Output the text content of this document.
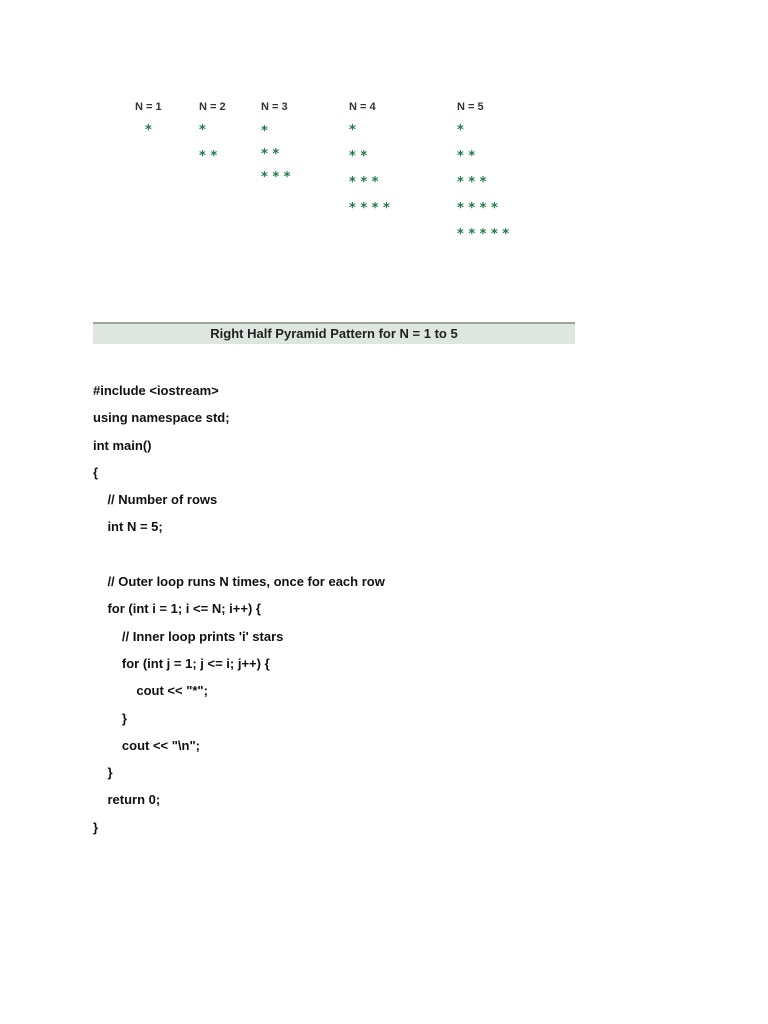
N = 1
*
N = 2
*
* *
N = 3
*
* *
* * *
N = 4
*
* *
* * *
* * * *
N = 5
*
* *
* * *
* * * *
* * * * *
Right Half Pyramid Pattern for N = 1 to 5
#include <iostream>
using namespace std;
int main()
{
// Number of rows
int N = 5;
// Outer loop runs N times, once for each row
for (int i = 1; i <= N; i++) {
// Inner loop prints 'i' stars
for (int j = 1; j <= i; j++) {
cout << "*";
}
cout << "\n";
}
return 0;
}
